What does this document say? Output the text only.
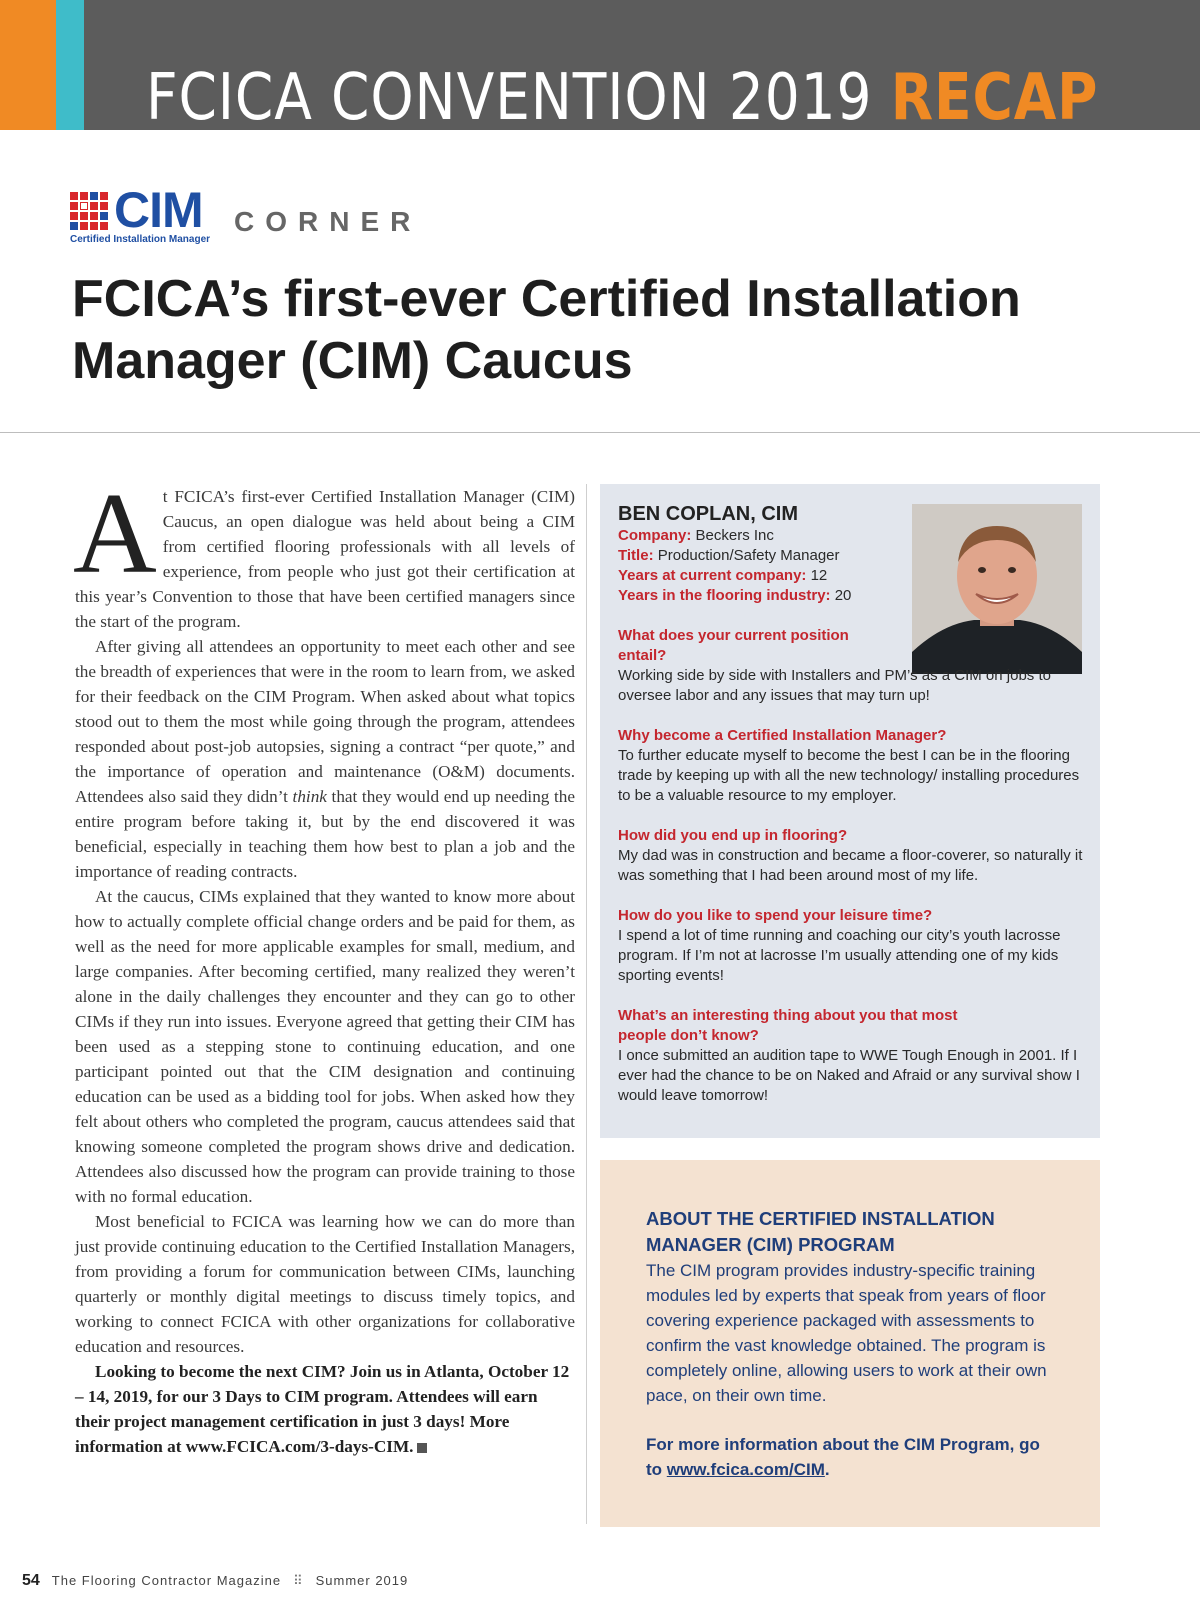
FCICA CONVENTION 2019 RECAP
CIM
Certified Installation Manager
CORNER
FCICA’s first-ever Certified Installation Manager (CIM) Caucus

At FCICA’s first-ever Certified Installation Manager (CIM) Caucus, an open dialogue was held about being a CIM from certified flooring professionals with all levels of experience, from people who just got their certification at this year’s Convention to those that have been certified managers since the start of the program.

After giving all attendees an opportunity to meet each other and see the breadth of experiences that were in the room to learn from, we asked for their feedback on the CIM Program. When asked about what topics stood out to them the most while going through the program, attendees responded about post-job autopsies, signing a contract “per quote,” and the importance of operation and maintenance (O&M) documents. Attendees also said they didn’t think that they would end up needing the entire program before taking it, but by the end discovered it was beneficial, especially in teaching them how best to plan a job and the importance of reading contracts.

At the caucus, CIMs explained that they wanted to know more about how to actually complete official change orders and be paid for them, as well as the need for more applicable examples for small, medium, and large companies. After becoming certified, many realized they weren’t alone in the daily challenges they encounter and they can go to other CIMs if they run into issues. Everyone agreed that getting their CIM has been used as a stepping stone to continuing education, and one participant pointed out that the CIM designation and continuing education can be used as a bidding tool for jobs. When asked how they felt about others who completed the program, caucus attendees said that knowing someone completed the program shows drive and dedication. Attendees also discussed how the program can provide training to those with no formal education.

Most beneficial to FCICA was learning how we can do more than just provide continuing education to the Certified Installation Managers, from providing a forum for communication between CIMs, launching quarterly or monthly digital meetings to discuss timely topics, and working to connect FCICA with other organizations for collaborative education and resources.

Looking to become the next CIM? Join us in Atlanta, October 12 – 14, 2019, for our 3 Days to CIM program. Attendees will earn their project management certification in just 3 days! More information at www.FCICA.com/3-days-CIM.

BEN COPLAN, CIM
Company: Beckers Inc
Title: Production/Safety Manager
Years at current company: 12
Years in the flooring industry: 20
What does your current position entail?
Working side by side with Installers and PM’s as a CIM on jobs to oversee labor and any issues that may turn up!
Why become a Certified Installation Manager?
To further educate myself to become the best I can be in the flooring trade by keeping up with all the new technology/ installing procedures to be a valuable resource to my employer.
How did you end up in flooring?
My dad was in construction and became a floor-coverer, so naturally it was something that I had been around most of my life.
How do you like to spend your leisure time?
I spend a lot of time running and coaching our city’s youth lacrosse program. If I’m not at lacrosse I’m usually attending one of my kids sporting events!
What’s an interesting thing about you that most people don’t know?
I once submitted an audition tape to WWE Tough Enough in 2001. If I ever had the chance to be on Naked and Afraid or any survival show I would leave tomorrow!
ABOUT THE CERTIFIED INSTALLATION MANAGER (CIM) PROGRAM
The CIM program provides industry-specific training modules led by experts that speak from years of floor covering experience packaged with assessments to confirm the vast knowledge obtained. The program is completely online, allowing users to work at their own pace, on their own time.
For more information about the CIM Program, go to www.fcica.com/CIM.
54 The Flooring Contractor Magazine ⠿ Summer 2019
